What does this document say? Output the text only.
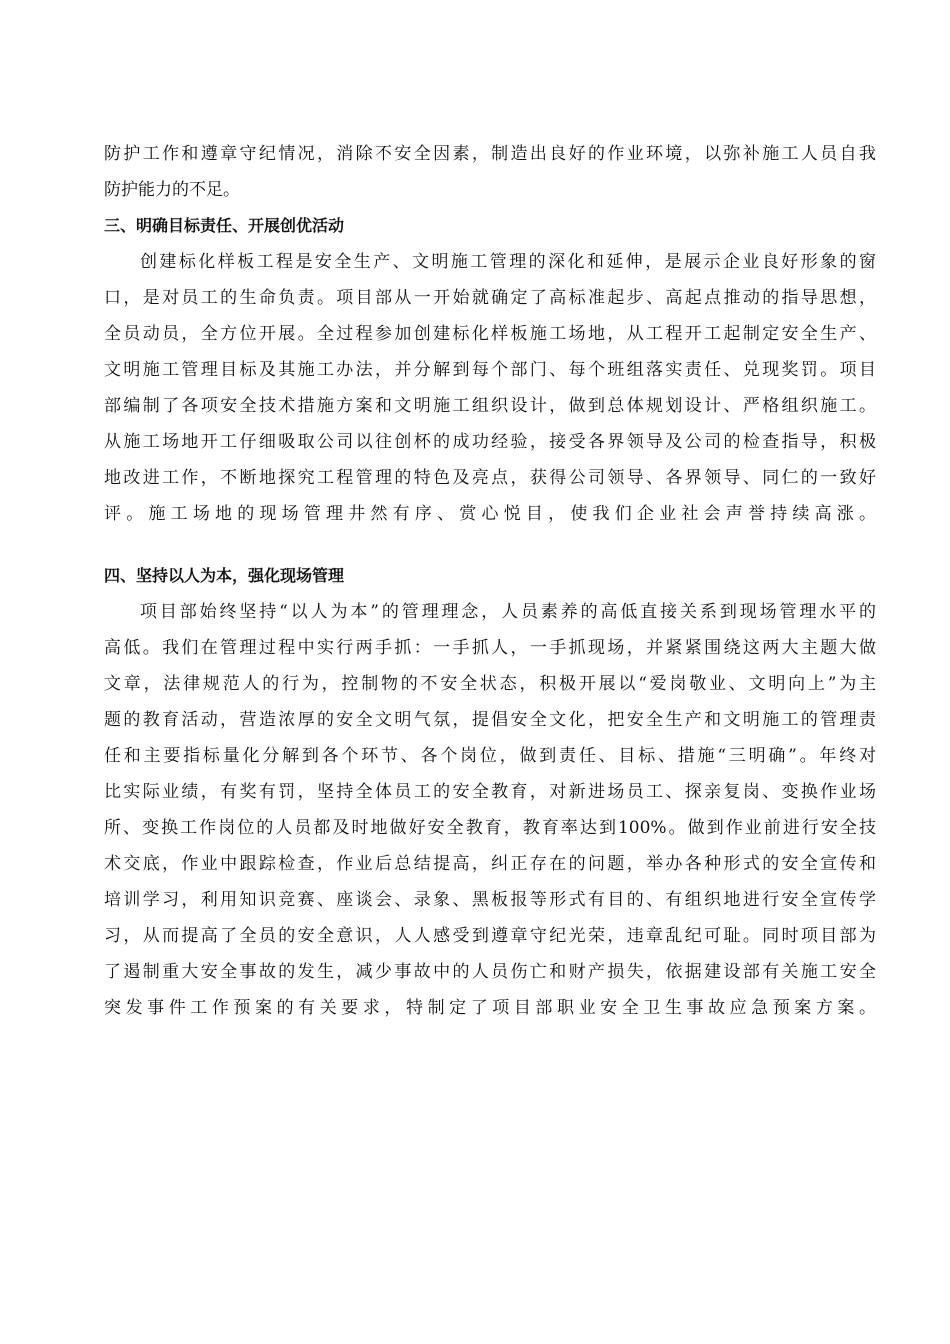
防护工作和遵章守纪情况，消除不安全因素，制造出良好的作业环境，以弥补施工人员自我
防护能力的不足。
三、明确目标责任、开展创优活动
创建标化样板工程是安全生产、文明施工管理的深化和延伸，是展示企业良好形象的窗
口，是对员工的生命负责。项目部从一开始就确定了高标准起步、高起点推动的指导思想，
全员动员，全方位开展。全过程参加创建标化样板施工场地，从工程开工起制定安全生产、
文明施工管理目标及其施工办法，并分解到每个部门、每个班组落实责任、兑现奖罚。项目
部编制了各项安全技术措施方案和文明施工组织设计，做到总体规划设计、严格组织施工。
从施工场地开工仔细吸取公司以往创杯的成功经验，接受各界领导及公司的检查指导，积极
地改进工作，不断地探究工程管理的特色及亮点，获得公司领导、各界领导、同仁的一致好
评。施工场地的现场管理井然有序、赏心悦目，使我们企业社会声誉持续高涨。
四、坚持以人为本，强化现场管理
项目部始终坚持“以人为本”的管理理念，人员素养的高低直接关系到现场管理水平的
高低。我们在管理过程中实行两手抓：一手抓人，一手抓现场，并紧紧围绕这两大主题大做
文章，法律规范人的行为，控制物的不安全状态，积极开展以“爱岗敬业、文明向上”为主
题的教育活动，营造浓厚的安全文明气氛，提倡安全文化，把安全生产和文明施工的管理责
任和主要指标量化分解到各个环节、各个岗位，做到责任、目标、措施“三明确”。年终对
比实际业绩，有奖有罚，坚持全体员工的安全教育，对新进场员工、探亲复岗、变换作业场
所、变换工作岗位的人员都及时地做好安全教育，教育率达到100%。做到作业前进行安全技
术交底，作业中跟踪检查，作业后总结提高，纠正存在的问题，举办各种形式的安全宣传和
培训学习，利用知识竞赛、座谈会、录象、黑板报等形式有目的、有组织地进行安全宣传学
习，从而提高了全员的安全意识，人人感受到遵章守纪光荣，违章乱纪可耻。同时项目部为
了遏制重大安全事故的发生，减少事故中的人员伤亡和财产损失，依据建设部有关施工安全
突发事件工作预案的有关要求，特制定了项目部职业安全卫生事故应急预案方案。
